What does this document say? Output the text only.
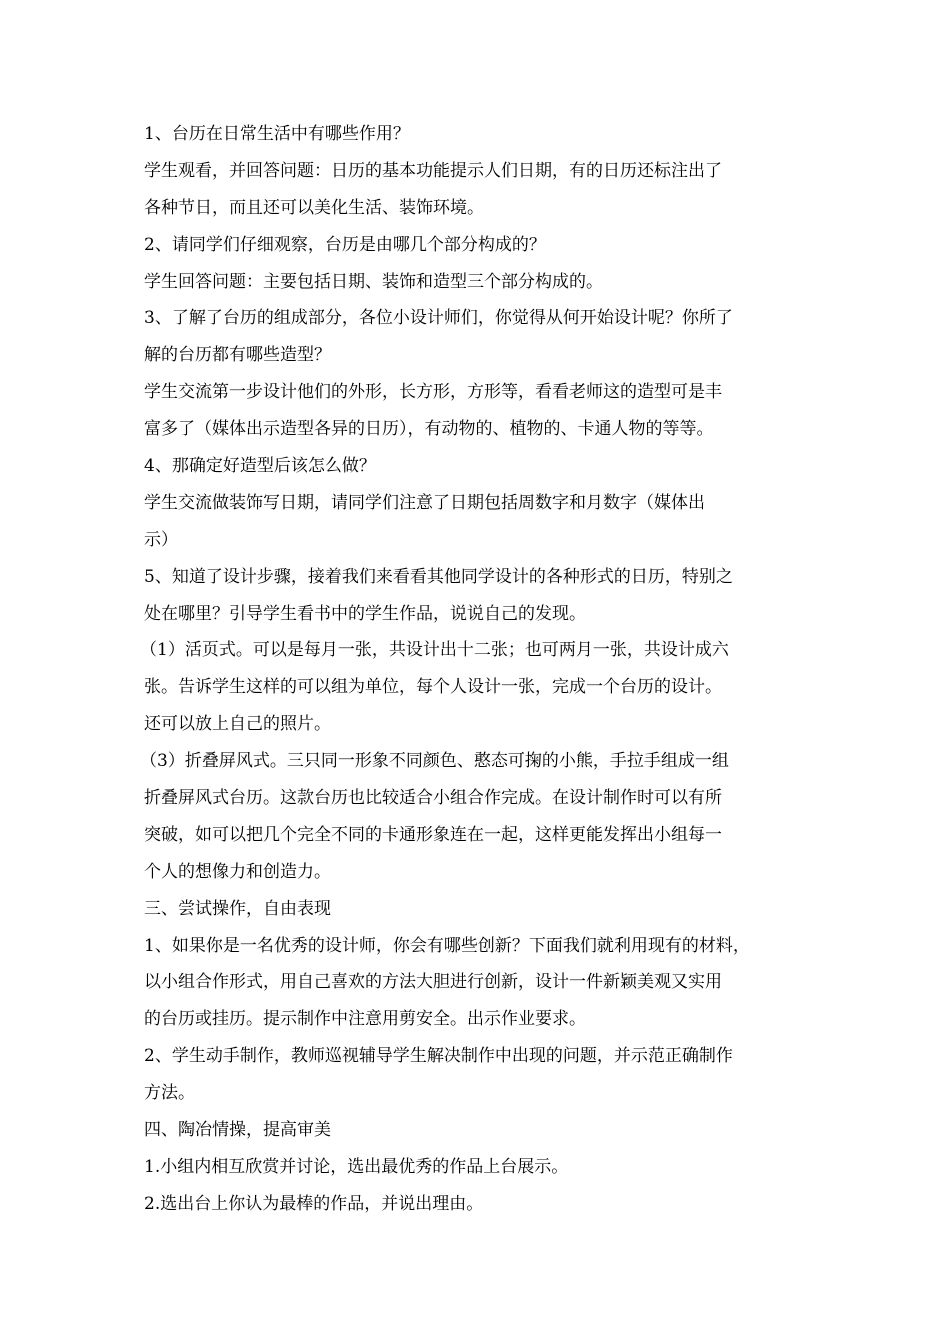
1、台历在日常生活中有哪些作用？
学生观看，并回答问题：日历的基本功能提示人们日期，有的日历还标注出了
各种节日，而且还可以美化生活、装饰环境。
2、请同学们仔细观察，台历是由哪几个部分构成的？
学生回答问题：主要包括日期、装饰和造型三个部分构成的。
3、了解了台历的组成部分，各位小设计师们，你觉得从何开始设计呢？你所了
解的台历都有哪些造型？
学生交流第一步设计他们的外形，长方形，方形等，看看老师这的造型可是丰
富多了（媒体出示造型各异的日历），有动物的、植物的、卡通人物的等等。
4、那确定好造型后该怎么做？
学生交流做装饰写日期，请同学们注意了日期包括周数字和月数字（媒体出
示）
5、知道了设计步骤，接着我们来看看其他同学设计的各种形式的日历，特别之
处在哪里？引导学生看书中的学生作品，说说自己的发现。
（1）活页式。可以是每月一张，共设计出十二张；也可两月一张，共设计成六
张。告诉学生这样的可以组为单位，每个人设计一张，完成一个台历的设计。
还可以放上自己的照片。
（3）折叠屏风式。三只同一形象不同颜色、憨态可掬的小熊，手拉手组成一组
折叠屏风式台历。这款台历也比较适合小组合作完成。在设计制作时可以有所
突破，如可以把几个完全不同的卡通形象连在一起，这样更能发挥出小组每一
个人的想像力和创造力。
三、尝试操作，自由表现
1、如果你是一名优秀的设计师，你会有哪些创新？下面我们就利用现有的材料，
以小组合作形式，用自己喜欢的方法大胆进行创新，设计一件新颖美观又实用
的台历或挂历。提示制作中注意用剪安全。出示作业要求。
2、学生动手制作，教师巡视辅导学生解决制作中出现的问题，并示范正确制作
方法。
四、陶冶情操，提高审美
1.小组内相互欣赏并讨论，选出最优秀的作品上台展示。
2.选出台上你认为最棒的作品，并说出理由。
